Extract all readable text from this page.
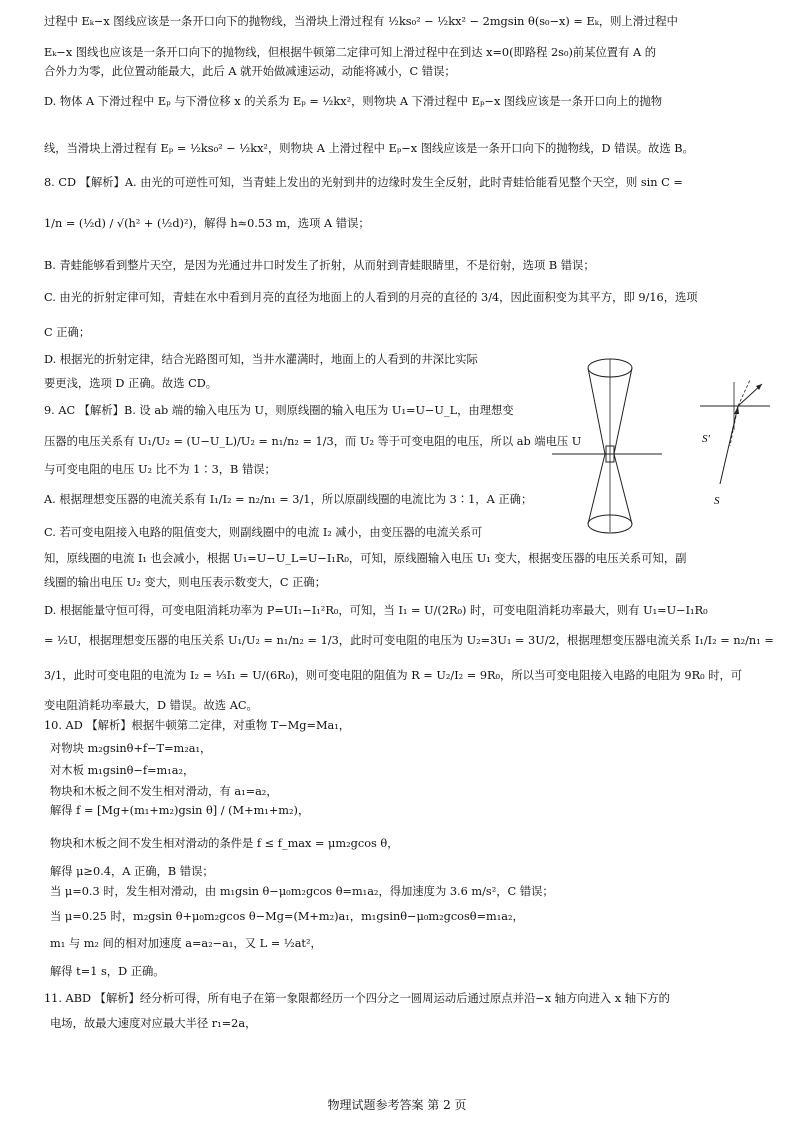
过程中 Eₖ−x 图线应该是一条开口向下的抛物线，当滑块上滑过程有 ½ks₀² − ½kx² − 2mgsin θ(s₀−x) = Eₖ，则上滑过程中
Eₖ−x 图线也应该是一条开口向下的抛物线，但根据牛顿第二定律可知上滑过程中在到达 x=0(即路程 2s₀)前某位置有 A 的
合外力为零，此位置动能最大，此后 A 就开始做减速运动，动能将减小，C 错误；
D. 物体 A 下滑过程中 Eₚ 与下滑位移 x 的关系为 Eₚ = ½kx²，则物块 A 下滑过程中 Eₚ−x 图线应该是一条开口向上的抛物
线，当滑块上滑过程有 Eₚ = ½ks₀² − ½kx²，则物块 A 上滑过程中 Eₚ−x 图线应该是一条开口向下的抛物线，D 错误。故选 B。
8. CD 【解析】A. 由光的可逆性可知，当青蛙上发出的光射到井的边缘时发生全反射，此时青蛙恰能看见整个天空，则 sin C =
1/n = (½d) / √(h² + (½d)²)，解得 h≈0.53 m，选项 A 错误；
B. 青蛙能够看到整片天空，是因为光通过井口时发生了折射，从而射到青蛙眼睛里，不是衍射，选项 B 错误；
C. 由光的折射定律可知，青蛙在水中看到月亮的直径为地面上的人看到的月亮的直径的 3/4，因此面积变为其平方，即 9/16，选项
C 正确；
D. 根据光的折射定律，结合光路图可知，当井水灌满时，地面上的人看到的井深比实际
要更浅，选项 D 正确。故选 CD。
9. AC 【解析】B. 设 ab 端的输入电压为 U，则原线圈的输入电压为 U₁=U−U_L，由理想变
压器的电压关系有 U₁/U₂ = (U−U_L)/U₂ = n₁/n₂ = 1/3，而 U₂ 等于可变电阻的电压，所以 ab 端电压 U
与可变电阻的电压 U₂ 比不为 1∶3，B 错误；
A. 根据理想变压器的电流关系有 I₁/I₂ = n₂/n₁ = 3/1，所以原副线圈的电流比为 3∶1，A 正确；
C. 若可变电阻接入电路的阻值变大，则副线圈中的电流 I₂ 减小，由变压器的电流关系可
知，原线圈的电流 I₁ 也会减小，根据 U₁=U−U_L=U−I₁R₀，可知，原线圈输入电压 U₁ 变大，根据变压器的电压关系可知，副
线圈的输出电压 U₂ 变大，则电压表示数变大，C 正确；
D. 根据能量守恒可得，可变电阻消耗功率为 P=UI₁−I₁²R₀，可知，当 I₁ = U/(2R₀) 时，可变电阻消耗功率最大，则有 U₁=U−I₁R₀
= ½U，根据理想变压器的电压关系 U₁/U₂ = n₁/n₂ = 1/3，此时可变电阻的电压为 U₂=3U₁ = 3U/2，根据理想变压器电流关系 I₁/I₂ = n₂/n₁ =
3/1，此时可变电阻的电流为 I₂ = ⅓I₁ = U/(6R₀)，则可变电阻的阻值为 R = U₂/I₂ = 9R₀，所以当可变电阻接入电路的电阻为 9R₀ 时，可
变电阻消耗功率最大，D 错误。故选 AC。
10. AD 【解析】根据牛顿第二定律，对重物 T−Mg=Ma₁，
对物块 m₂gsinθ+f−T=m₂a₁，
对木板 m₁gsinθ−f=m₁a₂，
物块和木板之间不发生相对滑动，有 a₁=a₂，
解得 f = [Mg+(m₁+m₂)gsin θ] / (M+m₁+m₂)，
物块和木板之间不发生相对滑动的条件是 f ≤ f_max = μm₂gcos θ，
解得 μ≥0.4，A 正确，B 错误；
当 μ=0.3 时，发生相对滑动，由 m₁gsin θ−μ₀m₂gcos θ=m₁a₂，得加速度为 3.6 m/s²，C 错误；
当 μ=0.25 时，m₂gsin θ+μ₀m₂gcos θ−Mg=(M+m₂)a₁，m₁gsinθ−μ₀m₂gcosθ=m₁a₂，
m₁ 与 m₂ 间的相对加速度 a=a₂−a₁，又 L = ½at²，
解得 t=1 s，D 正确。
11. ABD 【解析】经分析可得，所有电子在第一象限都经历一个四分之一圆周运动后通过原点并沿−x 轴方向进入 x 轴下方的
电场，故最大速度对应最大半径 r₁=2a，
S′
S
物理试题参考答案 第 2 页
